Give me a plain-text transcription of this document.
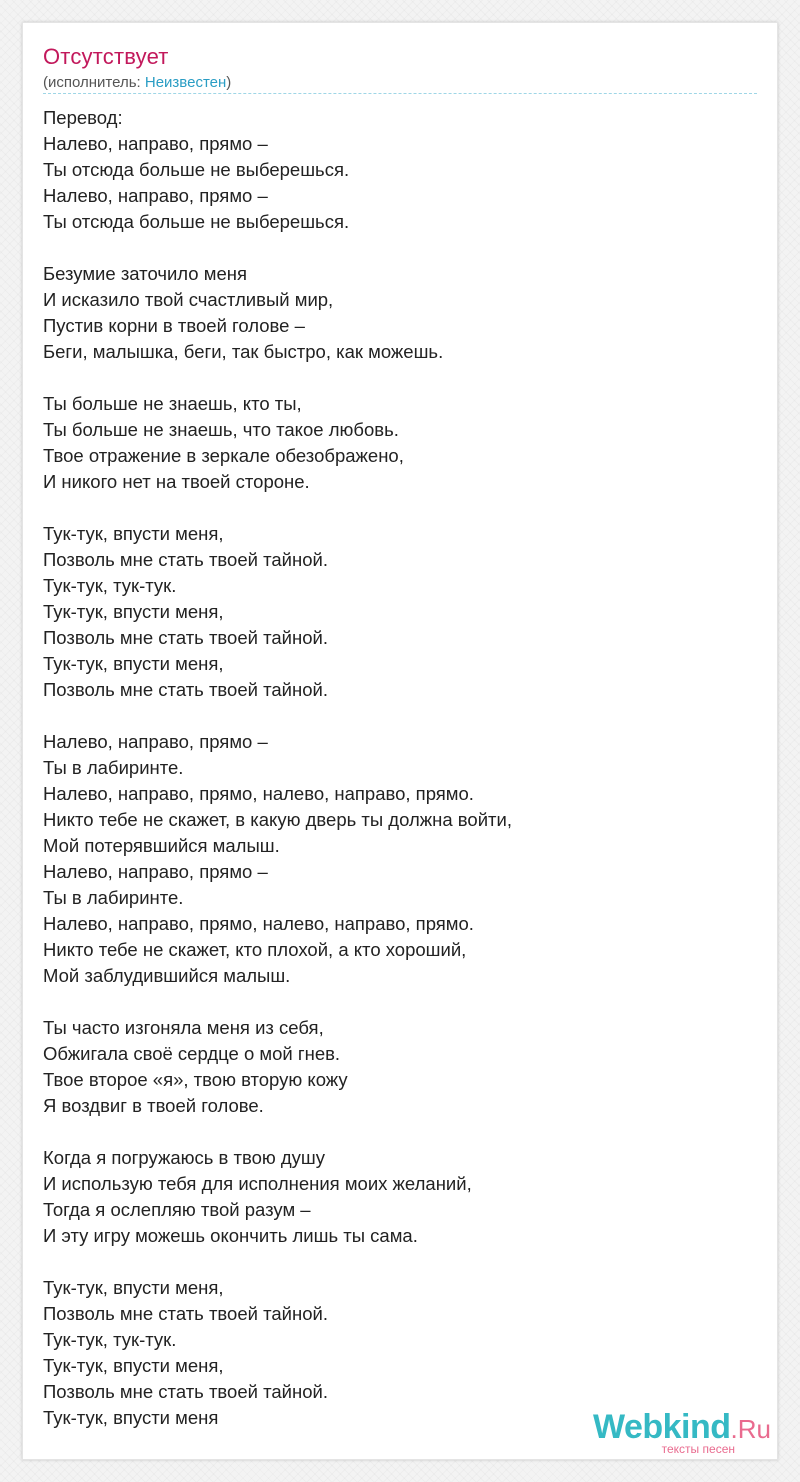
Отсутствует
(исполнитель: Неизвестен)
Перевод:
Налево, направо, прямо –
Ты отсюда больше не выберешься.
Налево, направо, прямо –
Ты отсюда больше не выберешься.
Безумие заточило меня
И исказило твой счастливый мир,
Пустив корни в твоей голове –
Беги, малышка, беги, так быстро, как можешь.
Ты больше не знаешь, кто ты,
Ты больше не знаешь, что такое любовь.
Твое отражение в зеркале обезображено,
И никого нет на твоей стороне.
Тук-тук, впусти меня,
Позволь мне стать твоей тайной.
Тук-тук, тук-тук.
Тук-тук, впусти меня,
Позволь мне стать твоей тайной.
Тук-тук, впусти меня,
Позволь мне стать твоей тайной.
Налево, направо, прямо –
Ты в лабиринте.
Налево, направо, прямо, налево, направо, прямо.
Никто тебе не скажет, в какую дверь ты должна войти,
Мой потерявшийся малыш.
Налево, направо, прямо –
Ты в лабиринте.
Налево, направо, прямо, налево, направо, прямо.
Никто тебе не скажет, кто плохой, а кто хороший,
Мой заблудившийся малыш.
Ты часто изгоняла меня из себя,
Обжигала своё сердце о мой гнев.
Твое второе «я», твою вторую кожу
Я воздвиг в твоей голове.
Когда я погружаюсь в твою душу
И использую тебя для исполнения моих желаний,
Тогда я ослепляю твой разум –
И эту игру можешь окончить лишь ты сама.
Тук-тук, впусти меня,
Позволь мне стать твоей тайной.
Тук-тук, тук-тук.
Тук-тук, впусти меня,
Позволь мне стать твоей тайной.
Тук-тук, впусти меня	Webkind.Ru
тексты песен
